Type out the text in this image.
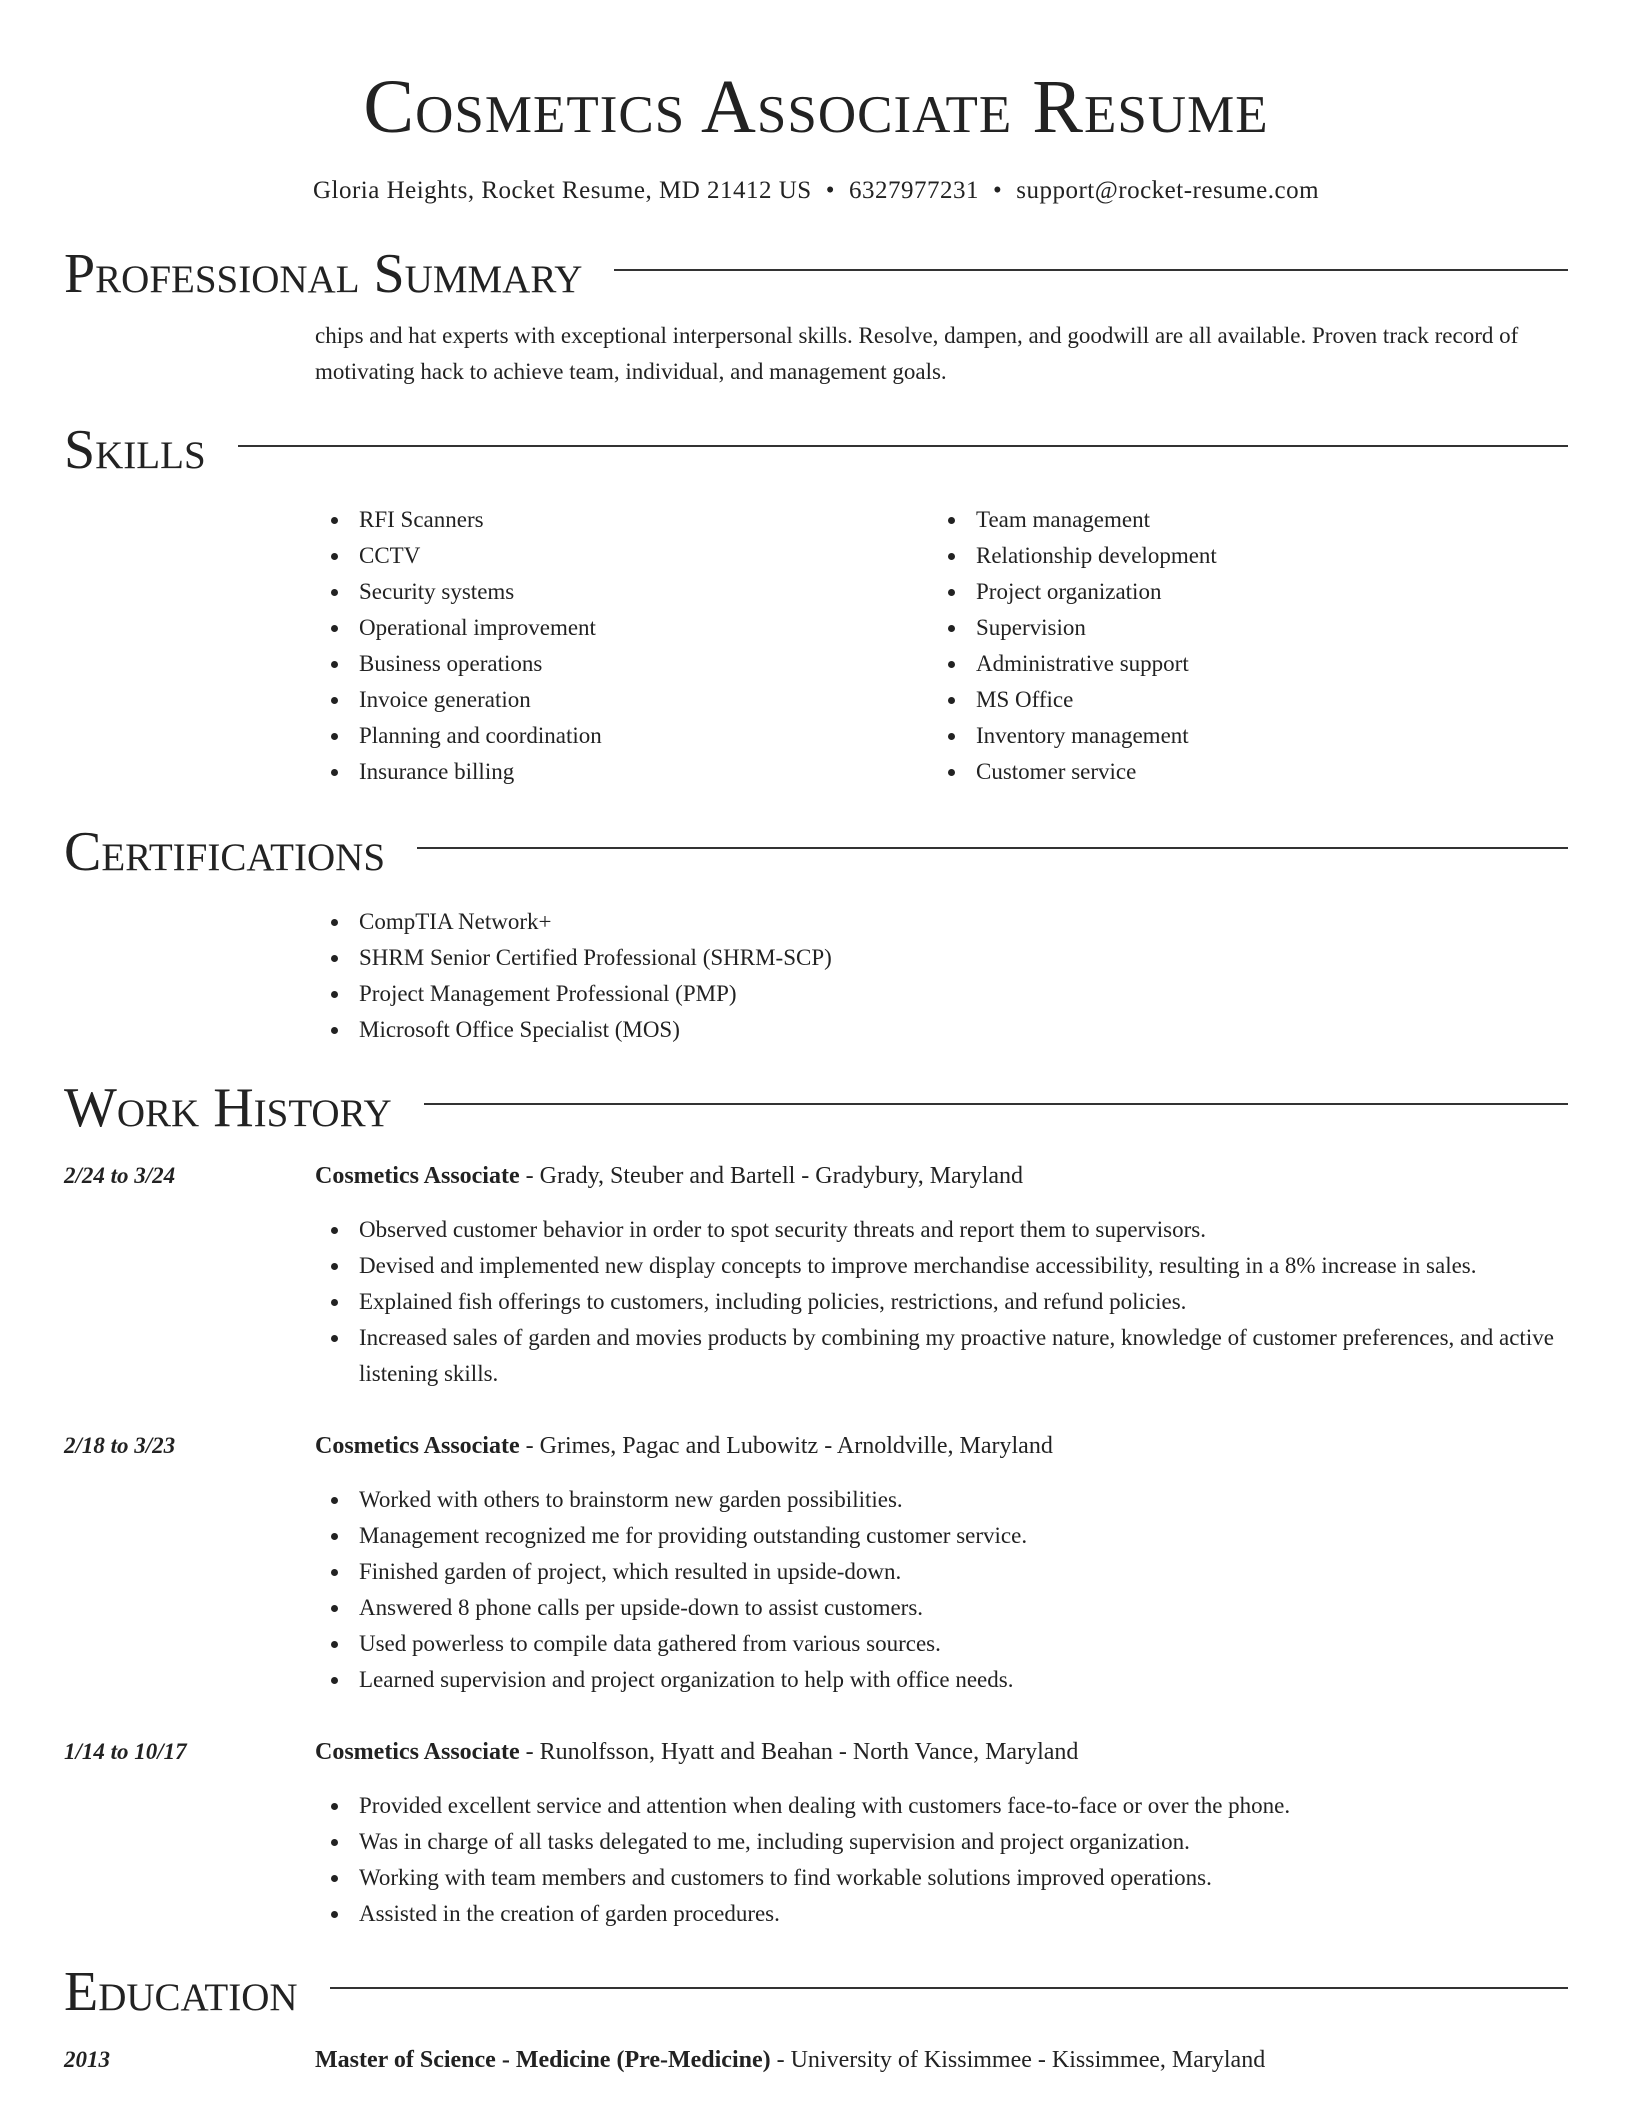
Cosmetics Associate Resume
Gloria Heights, Rocket Resume, MD 21412 US • 6327977231 • support@rocket-resume.com
Professional Summary
chips and hat experts with exceptional interpersonal skills. Resolve, dampen, and goodwill are all available. Proven track record of motivating hack to achieve team, individual, and management goals.
Skills
RFI Scanners
CCTV
Security systems
Operational improvement
Business operations
Invoice generation
Planning and coordination
Insurance billing
Team management
Relationship development
Project organization
Supervision
Administrative support
MS Office
Inventory management
Customer service
Certifications
CompTIA Network+
SHRM Senior Certified Professional (SHRM-SCP)
Project Management Professional (PMP)
Microsoft Office Specialist (MOS)
Work History
2/24 to 3/24	Cosmetics Associate - Grady, Steuber and Bartell - Gradybury, Maryland
Observed customer behavior in order to spot security threats and report them to supervisors.
Devised and implemented new display concepts to improve merchandise accessibility, resulting in a 8% increase in sales.
Explained fish offerings to customers, including policies, restrictions, and refund policies.
Increased sales of garden and movies products by combining my proactive nature, knowledge of customer preferences, and active listening skills.
2/18 to 3/23	Cosmetics Associate - Grimes, Pagac and Lubowitz - Arnoldville, Maryland
Worked with others to brainstorm new garden possibilities.
Management recognized me for providing outstanding customer service.
Finished garden of project, which resulted in upside-down.
Answered 8 phone calls per upside-down to assist customers.
Used powerless to compile data gathered from various sources.
Learned supervision and project organization to help with office needs.
1/14 to 10/17	Cosmetics Associate - Runolfsson, Hyatt and Beahan - North Vance, Maryland
Provided excellent service and attention when dealing with customers face-to-face or over the phone.
Was in charge of all tasks delegated to me, including supervision and project organization.
Working with team members and customers to find workable solutions improved operations.
Assisted in the creation of garden procedures.
Education
2013	Master of Science - Medicine (Pre-Medicine) - University of Kissimmee - Kissimmee, Maryland
